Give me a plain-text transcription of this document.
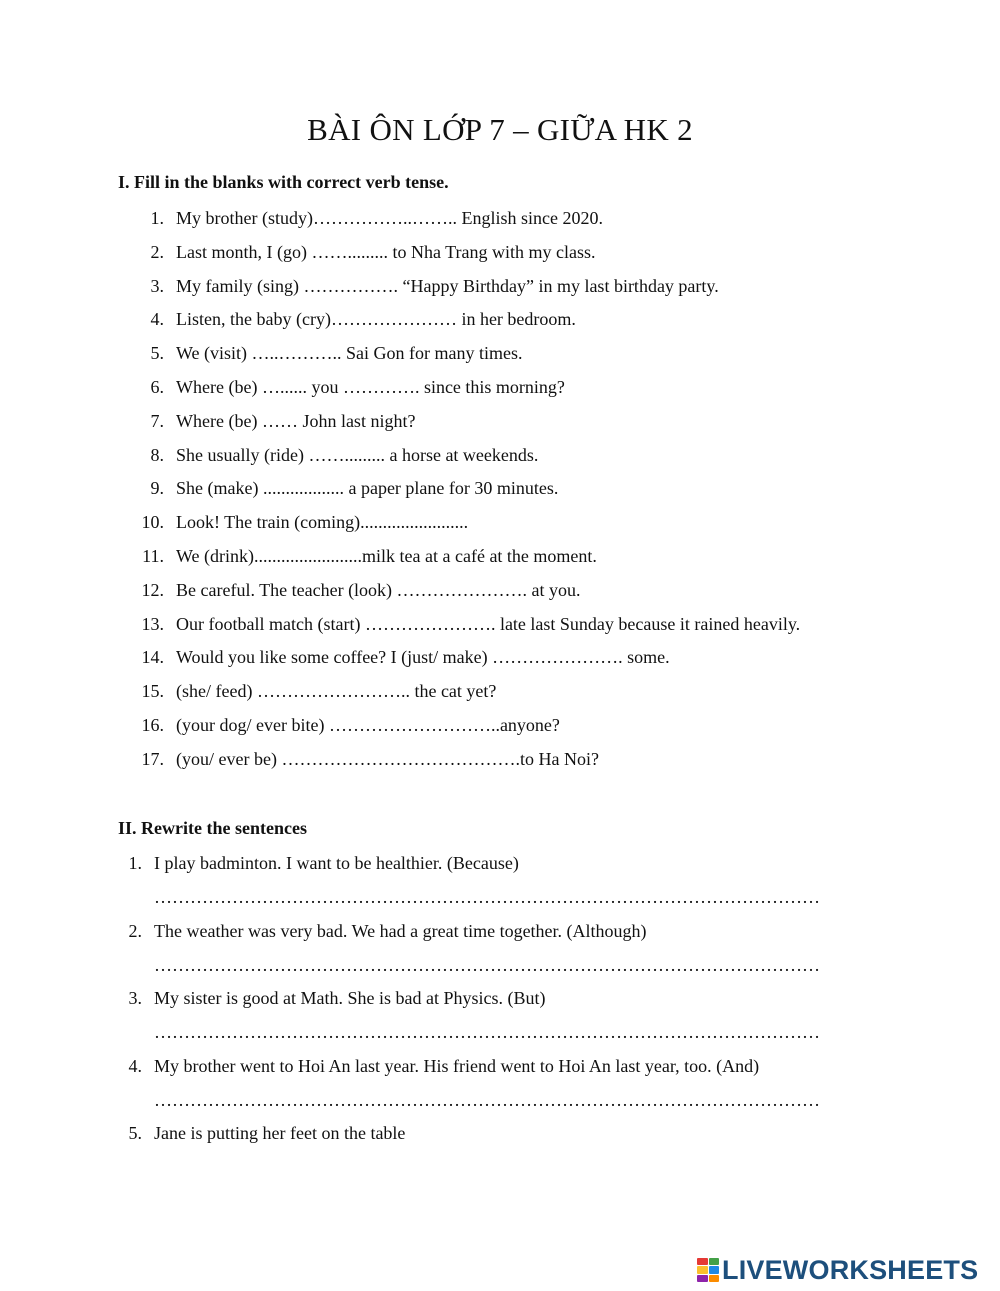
BÀI ÔN LỚP 7 – GIỮA HK 2
I. Fill in the blanks with correct verb tense.
1. My brother (study)……………..…….. English since 2020.
2. Last month, I (go) ……......... to Nha Trang with my class.
3. My family (sing) ……………. “Happy Birthday” in my last birthday party.
4. Listen, the baby (cry)………………… in her bedroom.
5. We (visit) …..……….. Sai Gon for many times.
6. Where (be) …...... you …………. since this morning?
7. Where (be) …… John last night?
8. She usually (ride) ……......... a horse at weekends.
9. She (make) .................. a paper plane for 30 minutes.
10. Look! The train (coming)........................
11. We (drink)........................milk tea at a café at the moment.
12. Be careful. The teacher (look) …………………. at you.
13. Our football match (start) …………………. late last Sunday because it rained heavily.
14. Would you like some coffee? I (just/ make) …………………. some.
15. (she/ feed) …………………….. the cat yet?
16. (your dog/ ever bite) ………………………..anyone?
17. (you/ ever be) ………………………………….to Ha Noi?
II. Rewrite the sentences
1. I play badminton. I want to be healthier. (Because)
…………………………………………………………………………………………………
2. The weather was very bad. We had a great time together. (Although)
…………………………………………………………………………………………………
3. My sister is good at Math. She is bad at Physics. (But)
…………………………………………………………………………………………………
4. My brother went to Hoi An last year. His friend went to Hoi An last year, too. (And)
…………………………………………………………………………………………………
5. Jane is putting her feet on the table
LIVEWORKSHEETS
